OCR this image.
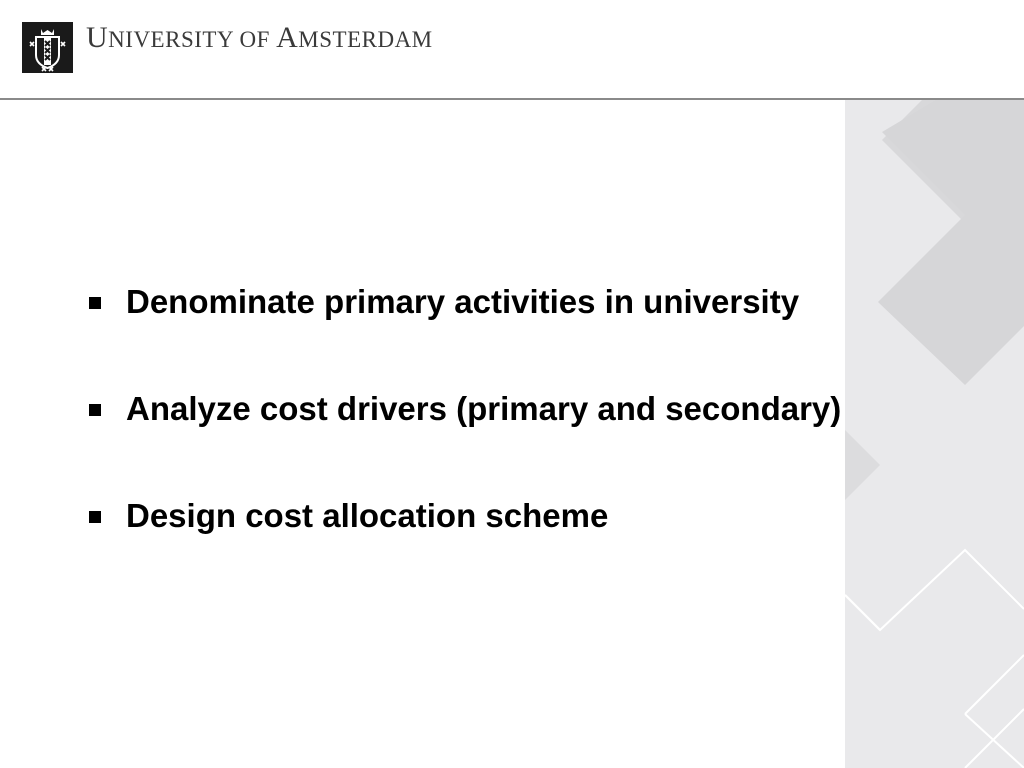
UNIVERSITY OF AMSTERDAM
Denominate primary activities in university
Analyze cost drivers (primary and secondary)
Design cost allocation scheme
